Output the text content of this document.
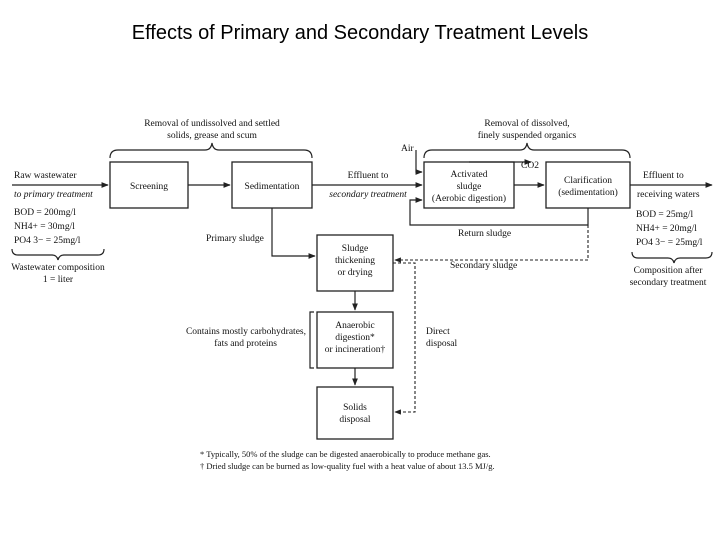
Effects of Primary and Secondary Treatment Levels
Removal of undissolved and settled
solids, grease and scum
Removal of dissolved,
finely suspended organics
Screening	Sedimentation
Activated
sludge
(Aerobic digestion)
Clarification
(sedimentation)
Sludge
thickening
or drying
Anaerobic
digestion*
or incineration†
Solids
disposal
Raw wastewater
to primary treatment
BOD = 200mg/l
NH4+ = 30mg/l
PO4 3− = 25mg/l
Wastewater composition
1 = liter
Effluent to
secondary treatment
Air
CO2
Effluent to
receiving waters
BOD = 25mg/l
NH4+ = 20mg/l
PO4 3− = 25mg/l
Composition after
secondary treatment
Primary sludge	Return sludge
Secondary sludge
Contains mostly carbohydrates,
fats and proteins
Direct
disposal
* Typically, 50% of the sludge can be digested anaerobically to produce methane gas.
† Dried sludge can be burned as low-quality fuel with a heat value of about 13.5 MJ/g.
